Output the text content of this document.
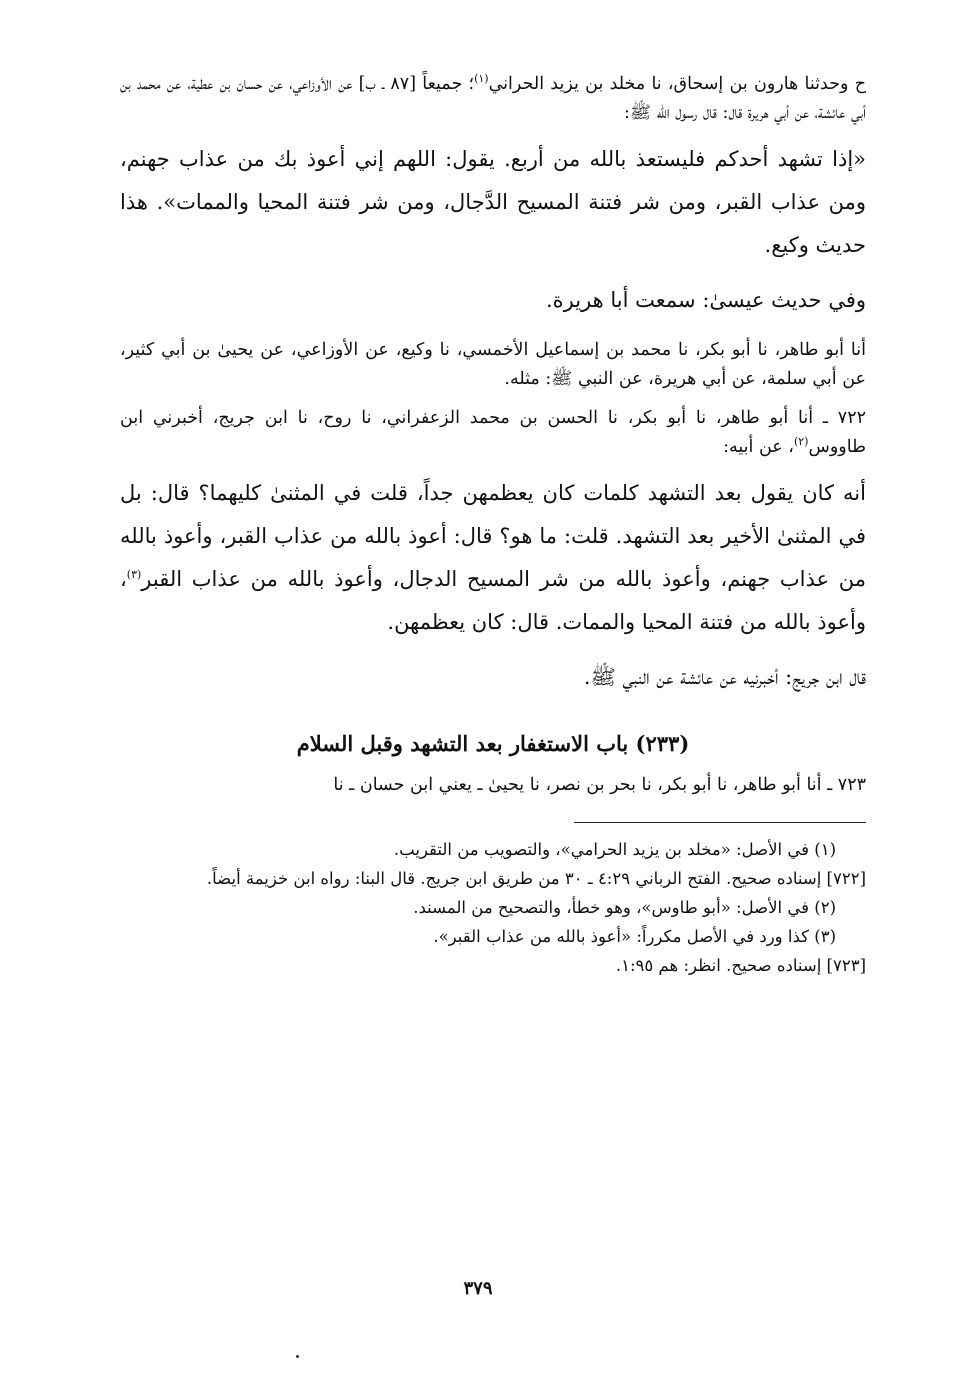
ح وحدثنا هارون بن إسحاق، نا مخلد بن يزيد الحراني$^{(١)}$؛ جميعاً [٨٧ ـ ب] عن الأوزاعي، عن حسان بن عطية، عن محمد بن أبي عائشة، عن أبي هريرة قال: قال رسول الله ﷺ:

«إذا تشهد أحدكم فليستعذ بالله من أربع. يقول: اللهم إني أعوذ بك من عذاب جهنم، ومن عذاب القبر، ومن شر فتنة المسيح الدَّجال، ومن شر فتنة المحيا والممات». هذا حديث وكيع.

وفي حديث عيسىٰ: سمعت أبا هريرة.

أنا أبو طاهر، نا أبو بكر، نا محمد بن إسماعيل الأخمسي، نا وكيع، عن الأوزاعي، عن يحيىٰ بن أبي كثير، عن أبي سلمة، عن أبي هريرة، عن النبي ﷺ: مثله.

٧٢٢ ـ أنا أبو طاهر، نا أبو بكر، نا الحسن بن محمد الزعفراني، نا روح، نا ابن جريج، أخبرني ابن طاووس$^{(٢)}$، عن أبيه:

أنه كان يقول بعد التشهد كلمات كان يعظمهن جداً، قلت في المثنىٰ كليهما؟ قال: بل في المثنىٰ الأخير بعد التشهد. قلت: ما هو؟ قال: أعوذ بالله من عذاب القبر، وأعوذ بالله من عذاب جهنم، وأعوذ بالله من شر المسيح الدجال، وأعوذ بالله من عذاب القبر$^{(٣)}$، وأعوذ بالله من فتنة المحيا والممات. قال: كان يعظمهن.

قال ابن جريج: أخبرنيه عن عائشة عن النبي ﷺ.

(٢٣٣) باب الاستغفار بعد التشهد وقبل السلام

٧٢٣ ـ أنا أبو طاهر، نا أبو بكر، نا بحر بن نصر، نا يحيىٰ ـ يعني ابن حسان ـ نا

(١) في الأصل: «مخلد بن يزيد الحرامي»، والتصويب من التقريب.

[٧٢٢] إسناده صحيح. الفتح الرباني ٤:٢٩ ـ ٣٠ من طريق ابن جريج. قال البنا: رواه ابن خزيمة أيضاً.

(٢) في الأصل: «أبو طاوس»، وهو خطأ، والتصحيح من المسند.

(٣) كذا ورد في الأصل مكرراً: «أعوذ بالله من عذاب القبر».

[٧٢٣] إسناده صحيح. انظر: هم ١:٩٥.

٣٧٩
